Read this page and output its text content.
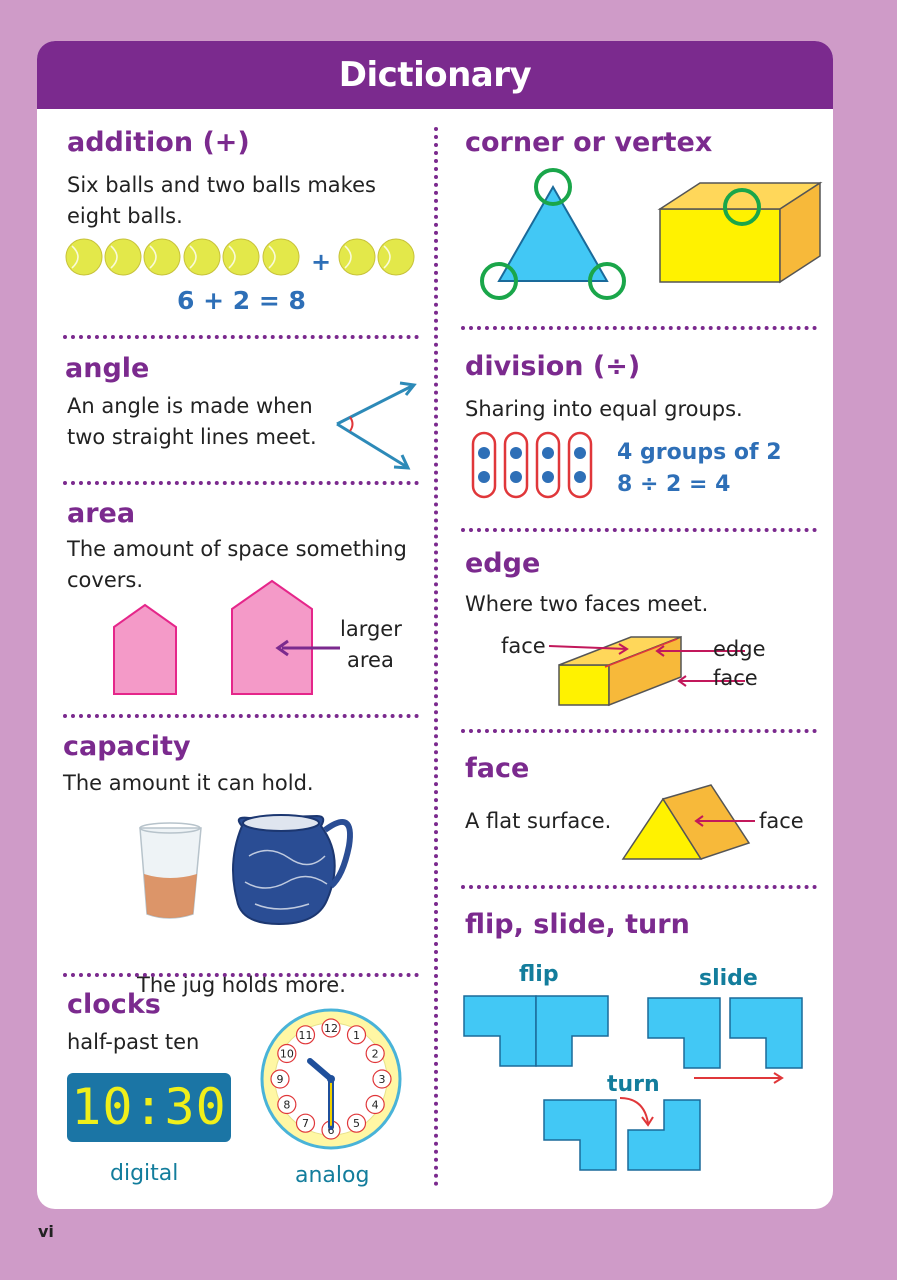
Dictionary
addition (+)
Six balls and two balls makes
eight balls.
+
6 + 2 = 8
angle
An angle is made when
two straight lines meet.
area
The amount of space something
covers.
larger
area
capacity
The amount it can hold.
The jug holds more.
clocks
half-past ten
10:30
digital
12
1
2
3
4
5
6
7
8
9
10
11
analog
corner or vertex
division (÷)
Sharing into equal groups.
4 groups of 2
8 ÷ 2 = 4
edge
Where two faces meet.
face	edge
face
face
A flat surface.	face
flip, slide, turn
flip	slide
turn
vi
